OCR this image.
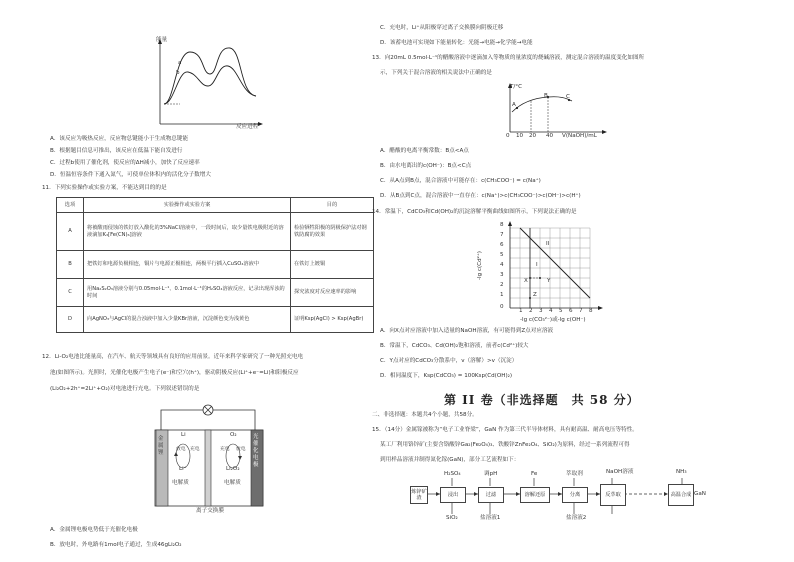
能量
反应进程
a
b
A．该反应为吸热反应，反应物总键能小于生成物总键能
B．根据题目信息可推出，该反应在低温下能自发进行
C．过程b使用了催化剂，使反应的ΔH减小，加快了反应速率
D．恒温恒容条件下通入氮气，可使单位体积内的活化分子数增大
11．下列实验操作或实验方案，不能达到目的的是
选项	实验操作或实验方案	目的
A	将被酸雨侵蚀的铁钉放入酸化的3%NaCl溶液中，一段时间后，取少量铁电极附近的溶液滴加K₃[Fe(CN)₆]溶液	检验牺牲阳极的阴极保护法对钢铁防腐的效果
B	把铁钉和电源负极相连，铜片与电源正极相连，两极平行插入CuSO₄溶液中	在铁钉上镀铜
C	用Na₂S₂O₃溶液分别与0.05mol·L⁻¹、0.1mol·L⁻¹的H₂SO₄溶液反应，记录出现浑浊的时间	探究浓度对反应速率的影响
D	向AgNO₃与AgCl的混合浊液中加入少量KBr溶液，沉淀颜色变为浅黄色	证明Ksp(AgCl) > Ksp(AgBr)
12．Li-O₂电池比能量高，在汽车、航天等领域具有良好的应用前景。近年来科学家研究了一种光照充电电
池(如图所示)。光照时，光催化电极产生电子(e⁻)和空穴(h⁺)，驱动阴极反应(Li⁺+e⁻=Li)和阳极反应
(Li₂O₂+2h⁺=2Li⁺+O₂)对电池进行充电。下列叙述错误的是
金属锂
光催化电极
Li
放电 充电
Li⁺
O₂
充电 放电
Li₂O₂
电解质	电解质
离子交换膜
A．金属锂电极电势低于光催化电极
B．放电时，外电路有1mol电子通过，生成46gLi₂O₂
C．充电时，Li⁺从阳极穿过离子交换膜向阴极迁移
D．该蓄电池可实现如下能量转化：光能→电能→化学能→电能
13．向20mL 0.5mol·L⁻¹的醋酸溶液中逐滴加入等物质的量浓度的烧碱溶液，测定混合溶液的温度变化如图所
示，下列关于混合溶液的相关说法中正确的是
T/°C
A
B	C
0 10 20 40 V(NaOH)/mL
A．醋酸的电离平衡常数：B点<A点
B．由水电离出的c(OH⁻)：B点<C点
C．从A点到B点，混合溶液中可能存在：c(CH₃COO⁻) = c(Na⁺)
D．从B点到C点，混合溶液中一直存在：c(Na⁺)>c(CH₃COO⁻)>c(OH⁻)>c(H⁺)
14．常温下，CdCO₃和Cd(OH)₂的沉淀溶解平衡曲线如图所示，下列说法正确的是
8
7
6
5
4
3
2
1
0
-lg c(Cd²⁺)
1 2 3 4 5 6 7 8
-lg c(CO₃²⁻)或-lg c(OH⁻)
II
I
X	Y
Z
A．向X点对应溶液中加入适量的NaOH溶液，有可能得到Z点对应溶液
B．常温下，CdCO₃、Cd(OH)₂饱和溶液，前者c(Cd²⁺)较大
C．Y点对应的CdCO₃分散系中，v（溶解）>v（沉淀）
D．相同温度下，Ksp(CdCO₃) = 100Ksp(Cd(OH)₂)
第 II 卷（非选择题　共 58 分）
二、非选择题：本题共4个小题，共58分。
15．（14分）金属镓被称为“电子工业脊梁”，GaN 作为第三代半导体材料，具有耐高温、耐高电压等特性。
某工厂利用铬锌矿(主要含铬酸锌Ga₂(Fe₂O₄)₃、铁酸锌ZnFe₂O₄、SiO₂)为原料，经过一系列流程可得
到用样品溶液并制得氮化镓(GaN)，部分工艺流程如下：
炼锌矿渣	浸出	过滤	溶解还原	分离	反萃取	高温合成 GaN
H₂SO₄	调pH	Fe	萃取剂	NaOH溶液	NH₃
SiO₂	盐溶液1	盐溶液2
